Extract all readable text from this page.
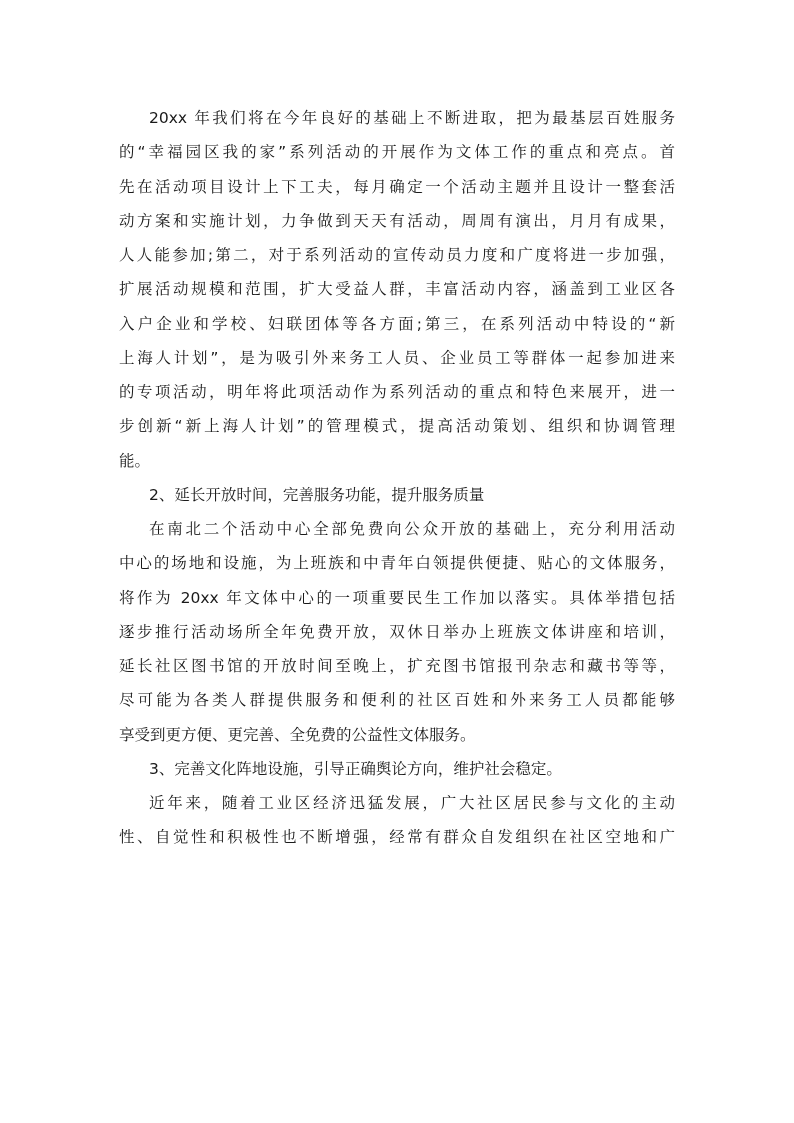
20xx 年我们将在今年良好的基础上不断进取，把为最基层百姓服务
的“幸福园区我的家”系列活动的开展作为文体工作的重点和亮点。首
先在活动项目设计上下工夫，每月确定一个活动主题并且设计一整套活
动方案和实施计划，力争做到天天有活动，周周有演出，月月有成果，
人人能参加;第二，对于系列活动的宣传动员力度和广度将进一步加强，
扩展活动规模和范围，扩大受益人群，丰富活动内容，涵盖到工业区各
入户企业和学校、妇联团体等各方面;第三，在系列活动中特设的“新
上海人计划”，是为吸引外来务工人员、企业员工等群体一起参加进来
的专项活动，明年将此项活动作为系列活动的重点和特色来展开，进一
步创新“新上海人计划”的管理模式，提高活动策划、组织和协调管理
能。

2、延长开放时间，完善服务功能，提升服务质量

在南北二个活动中心全部免费向公众开放的基础上，充分利用活动
中心的场地和设施，为上班族和中青年白领提供便捷、贴心的文体服务，
将作为 20xx 年文体中心的一项重要民生工作加以落实。具体举措包括
逐步推行活动场所全年免费开放，双休日举办上班族文体讲座和培训，
延长社区图书馆的开放时间至晚上，扩充图书馆报刊杂志和藏书等等，
尽可能为各类人群提供服务和便利的社区百姓和外来务工人员都能够
享受到更方便、更完善、全免费的公益性文体服务。

3、完善文化阵地设施，引导正确舆论方向，维护社会稳定。

近年来，随着工业区经济迅猛发展，广大社区居民参与文化的主动
性、自觉性和积极性也不断增强，经常有群众自发组织在社区空地和广
